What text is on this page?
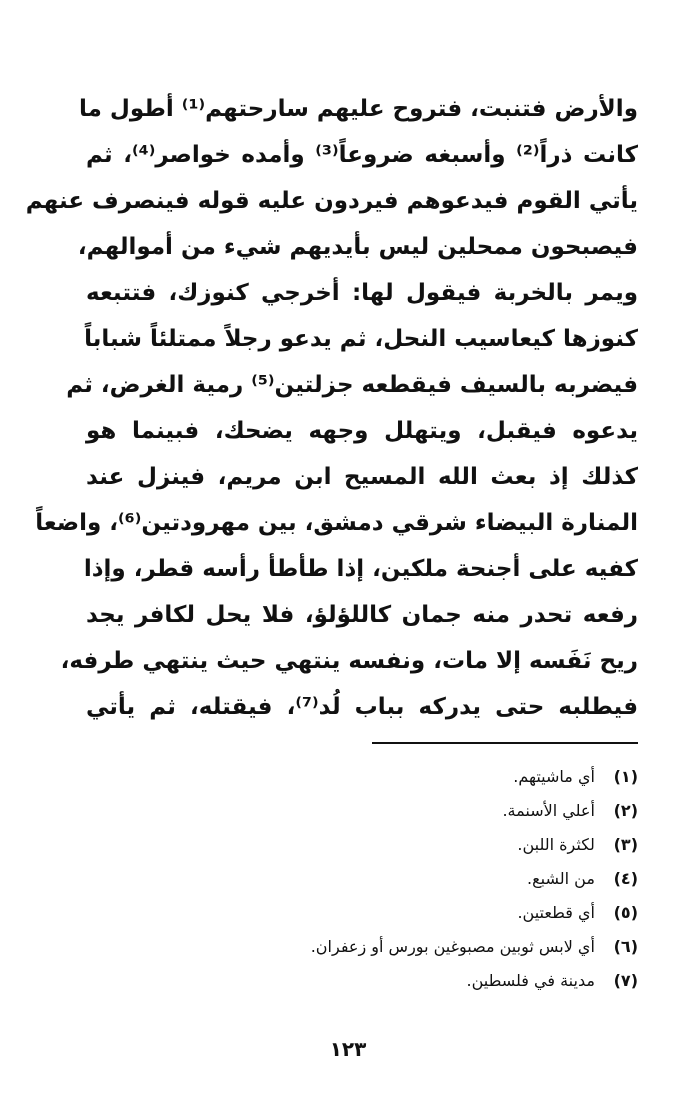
والأرض فتنبت، فتروح عليهم سارحتهم⁽¹⁾ أطول ما
كانت ذراً⁽²⁾ وأسبغه ضروعاً⁽³⁾ وأمده خواصر⁽⁴⁾، ثم
يأتي القوم فيدعوهم فيردون عليه قوله فينصرف عنهم
فيصبحون ممحلين ليس بأيديهم شيء من أموالهم،
ويمر بالخربة فيقول لها: أخرجي كنوزك، فتتبعه
كنوزها كيعاسيب النحل، ثم يدعو رجلاً ممتلئاً شباباً
فيضربه بالسيف فيقطعه جزلتين⁽⁵⁾ رمية الغرض، ثم
يدعوه فيقبل، ويتهلل وجهه يضحك، فبينما هو
كذلك إذ بعث الله المسيح ابن مريم، فينزل عند
المنارة البيضاء شرقي دمشق، بين مهرودتين⁽⁶⁾، واضعاً
كفيه على أجنحة ملكين، إذا طأطأ رأسه قطر، وإذا
رفعه تحدر منه جمان كاللؤلؤ، فلا يحل لكافر يجد
ريح نَفَسه إلا مات، ونفسه ينتهي حيث ينتهي طرفه،
فيطلبه حتى يدركه بباب لُد⁽⁷⁾، فيقتله، ثم يأتي
(١) أي ماشيتهم.
(٢) أعلي الأسنمة.
(٣) لكثرة اللبن.
(٤) من الشبع.
(٥) أي قطعتين.
(٦) أي لابس ثوبين مصبوغين بورس أو زعفران.
(٧) مدينة في فلسطين.
١٢٣
